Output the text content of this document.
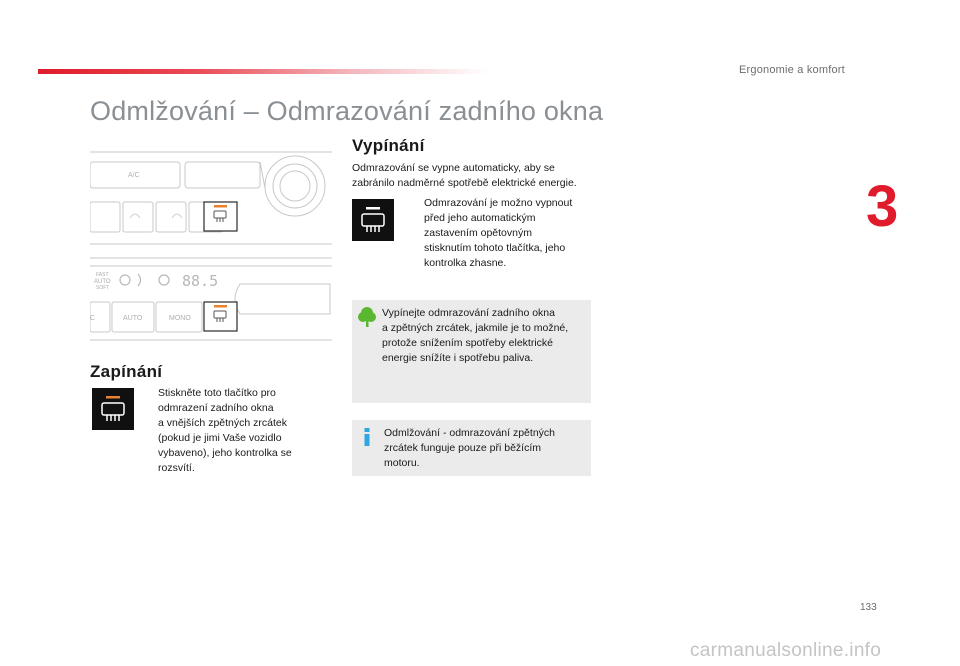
Ergonomie a komfort
3
Odmlžování – Odmrazování zadního okna
A/C
FAST
AUTO
SOFT	88.5
C	AUTO	MONO
Zapínání
Stiskněte toto tlačítko pro
odmrazení zadního okna
a vnějších zpětných zrcátek
(pokud je jimi Vaše vozidlo
vybaveno), jeho kontrolka se
rozsvítí.
Vypínání
Odmrazování se vypne automaticky, aby se
zabránilo nadměrné spotřebě elektrické energie.
Odmrazování je možno vypnout
před jeho automatickým
zastavením opětovným
stisknutím tohoto tlačítka, jeho
kontrolka zhasne.
Vypínejte odmrazování zadního okna
a zpětných zrcátek, jakmile je to možné,
protože snížením spotřeby elektrické
energie snížíte i spotřebu paliva.
Odmlžování - odmrazování zpětných
zrcátek funguje pouze při běžícím
motoru.
133
carmanualsonline.info
